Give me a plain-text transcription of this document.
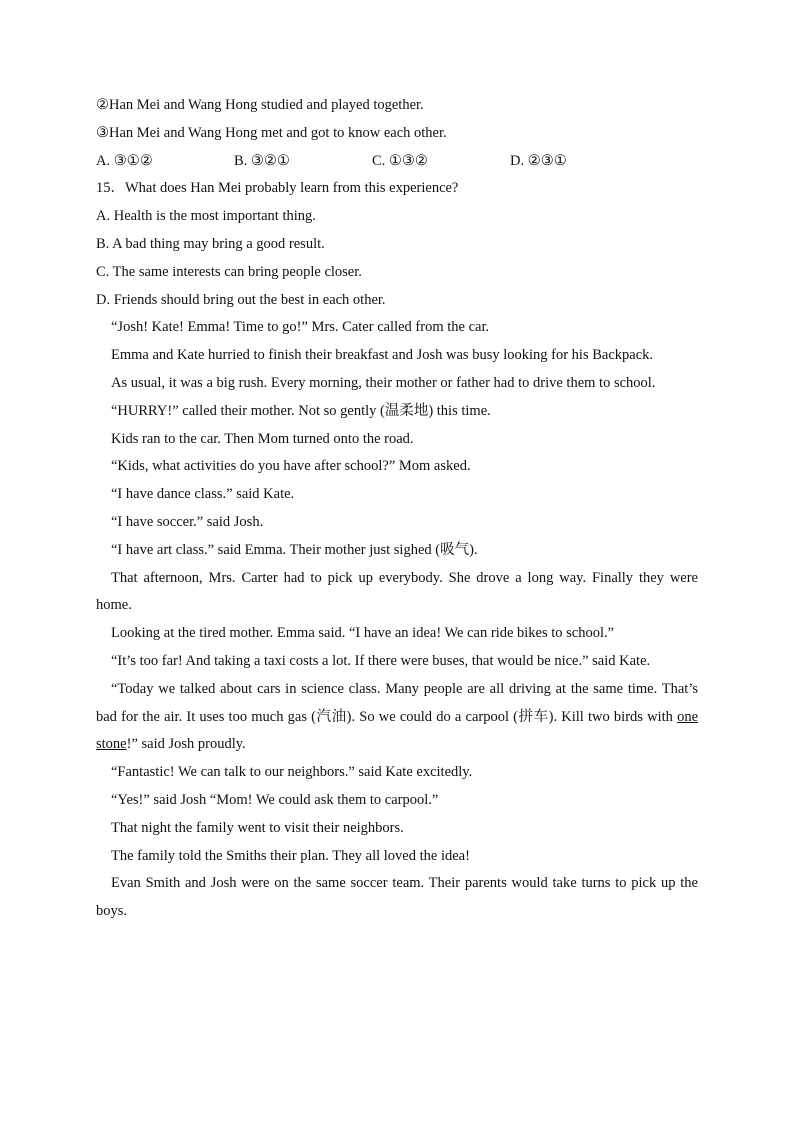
②Han Mei and Wang Hong studied and played together.
③Han Mei and Wang Hong met and got to know each other.
A. ③①②	B. ③②①	C. ①③②	D. ②③①
15．What does Han Mei probably learn from this experience?
A. Health is the most important thing.
B. A bad thing may bring a good result.
C. The same interests can bring people closer.
D. Friends should bring out the best in each other.
“Josh! Kate! Emma! Time to go!” Mrs. Cater called from the car.
Emma and Kate hurried to finish their breakfast and Josh was busy looking for his Backpack.
As usual, it was a big rush. Every morning, their mother or father had to drive them to school.
“HURRY!” called their mother. Not so gently (温柔地) this time.
Kids ran to the car. Then Mom turned onto the road.
“Kids, what activities do you have after school?” Mom asked.
“I have dance class.” said Kate.
“I have soccer.” said Josh.
“I have art class.” said Emma. Their mother just sighed (吸气).
That afternoon, Mrs. Carter had to pick up everybody. She drove a long way. Finally they were home.
Looking at the tired mother. Emma said. “I have an idea! We can ride bikes to school.”
“It’s too far! And taking a taxi costs a lot. If there were buses, that would be nice.” said Kate.
“Today we talked about cars in science class. Many people are all driving at the same time. That’s bad for the air. It uses too much gas (汽油). So we could do a carpool (拼车). Kill two birds with one stone!” said Josh proudly.
“Fantastic! We can talk to our neighbors.” said Kate excitedly.
“Yes!” said Josh “Mom! We could ask them to carpool.”
That night the family went to visit their neighbors.
The family told the Smiths their plan. They all loved the idea!
Evan Smith and Josh were on the same soccer team. Their parents would take turns to pick up the boys.
